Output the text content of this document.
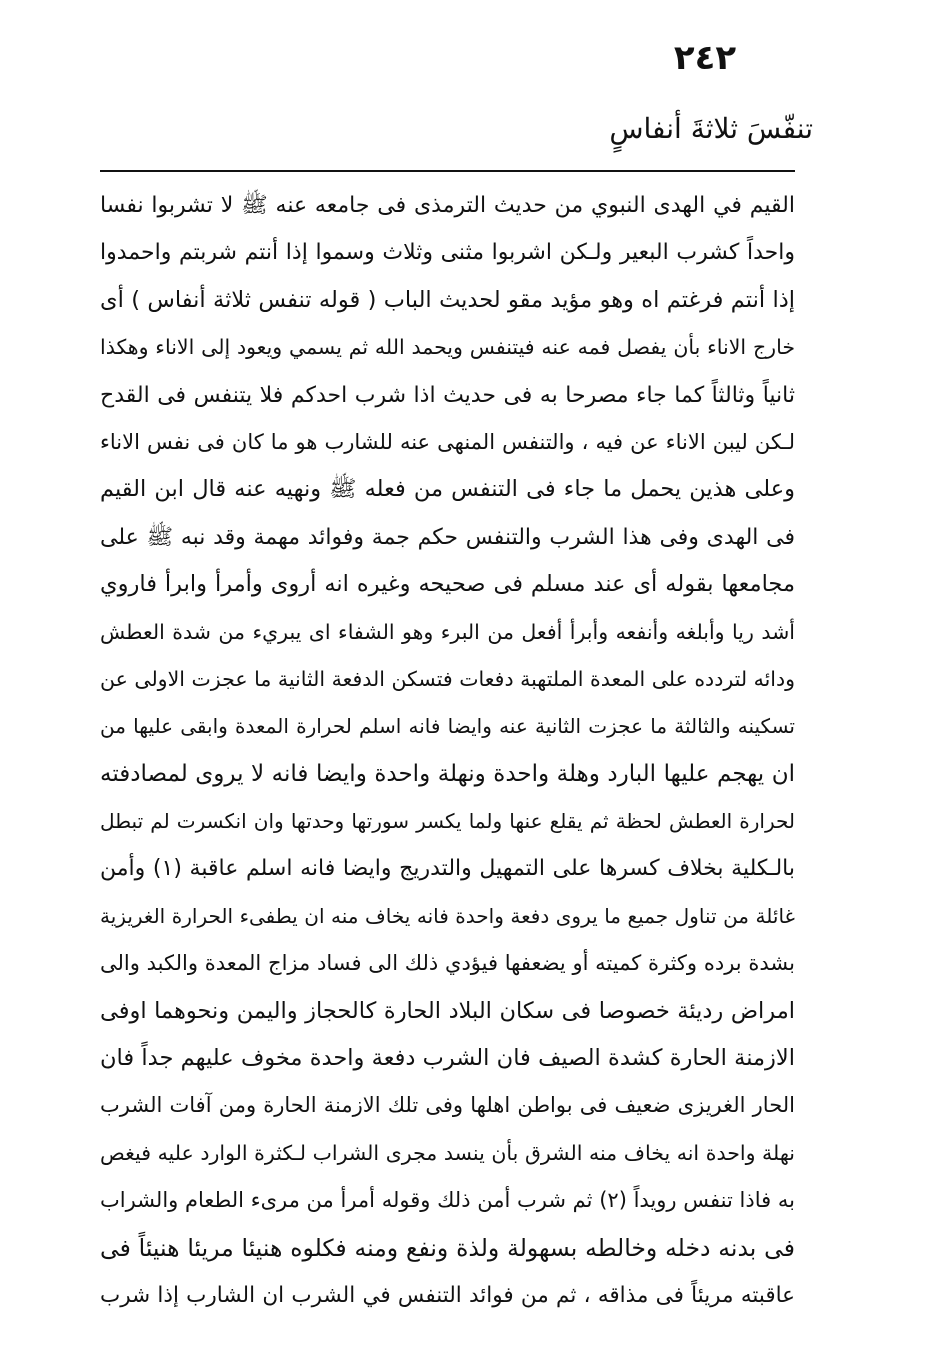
٢٤٢
تنفّسَ ثلاثةَ أنفاسٍ
القيم في الهدى النبوي من حديث الترمذى فى جامعه عنه ﷺ لا تشربوا نفسا
واحداً كشرب البعير ولـكن اشربوا مثنى وثلاث وسموا إذا أنتم شربتم واحمدوا
إذا أنتم فرغتم اه وهو مؤيد مقو لحديث الباب ( قوله تنفس ثلاثة أنفاس ) أى
خارج الاناء بأن يفصل فمه عنه فيتنفس ويحمد الله ثم يسمي ويعود إلى الاناء وهكذا
ثانياً وثالثاً كما جاء مصرحا به فى حديث اذا شرب احدكم فلا يتنفس فى القدح
لـكن ليبن الاناء عن فيه ، والتنفس المنهى عنه للشارب هو ما كان فى نفس الاناء
وعلى هذين يحمل ما جاء فى التنفس من فعله ﷺ ونهيه عنه قال ابن القيم
فى الهدى وفى هذا الشرب والتنفس حكم جمة وفوائد مهمة وقد نبه ﷺ على
مجامعها بقوله أى عند مسلم فى صحيحه وغيره انه أروى وأمرأ وابرأ فاروي
أشد ريا وأبلغه وأنفعه وأبرأ أفعل من البرء وهو الشفاء اى يبريء من شدة العطش
ودائه لتردده على المعدة الملتهبة دفعات فتسكن الدفعة الثانية ما عجزت الاولى عن
تسكينه والثالثة ما عجزت الثانية عنه وايضا فانه اسلم لحرارة المعدة وابقى عليها من
ان يهجم عليها البارد وهلة واحدة ونهلة واحدة وايضا فانه لا يروى لمصادفته
لحرارة العطش لحظة ثم يقلع عنها ولما يكسر سورتها وحدتها وان انكسرت لم تبطل
بالـكلية بخلاف كسرها على التمهيل والتدريج وايضا فانه اسلم عاقبة (١) وأمن
غائلة من تناول جميع ما يروى دفعة واحدة فانه يخاف منه ان يطفىء الحرارة الغريزية
بشدة برده وكثرة كميته أو يضعفها فيؤدي ذلك الى فساد مزاج المعدة والكبد والى
امراض رديئة خصوصا فى سكان البلاد الحارة كالحجاز واليمن ونحوهما اوفى
الازمنة الحارة كشدة الصيف فان الشرب دفعة واحدة مخوف عليهم جداً فان
الحار الغريزى ضعيف فى بواطن اهلها وفى تلك الازمنة الحارة ومن آفات الشرب
نهلة واحدة انه يخاف منه الشرق بأن ينسد مجرى الشراب لـكثرة الوارد عليه فيغص
به فاذا تنفس رويداً (٢) ثم شرب أمن ذلك وقوله أمرأ من مرىء الطعام والشراب
فى بدنه دخله وخالطه بسهولة ولذة ونفع ومنه فكلوه هنيئا مريئا هنيئاً فى
عاقبته مريئاً فى مذاقه ، ثم من فوائد التنفس في الشرب ان الشارب إذا شرب
